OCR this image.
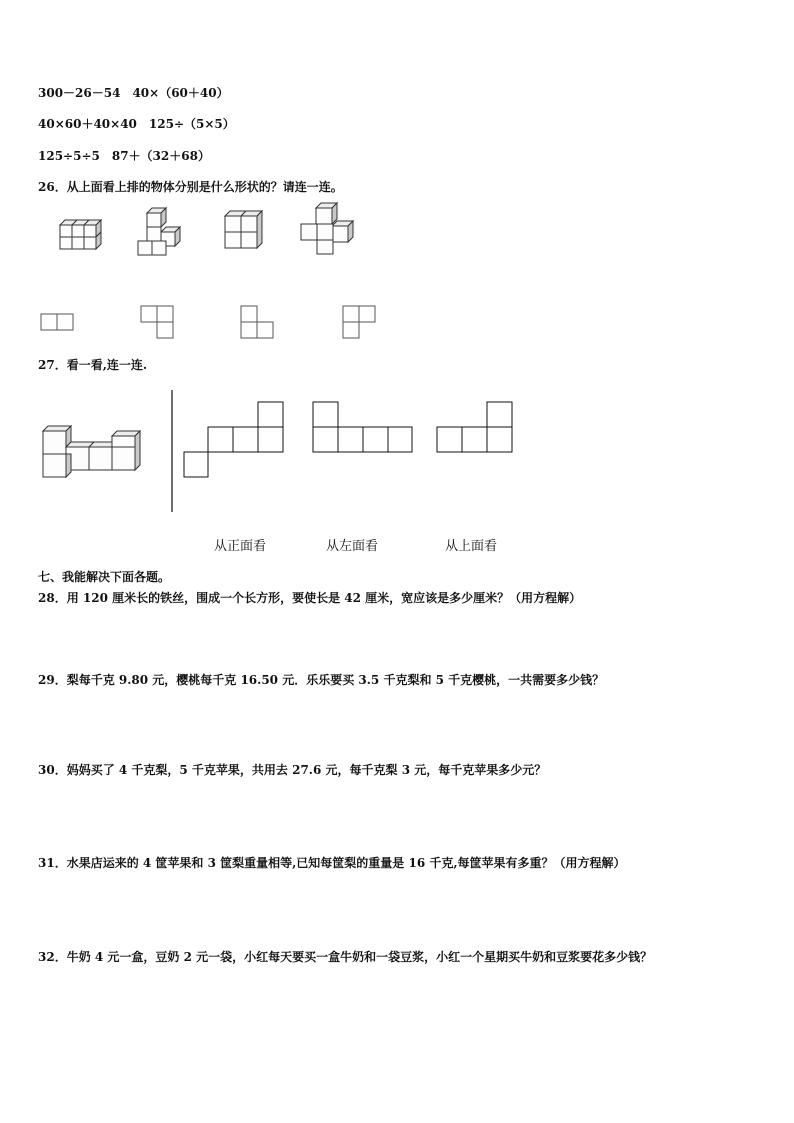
300－26－54　40×（60＋40）
40×60＋40×40　125÷（5×5）
125÷5÷5　87＋（32＋68）
26．从上面看上排的物体分别是什么形状的？请连一连。
27．看一看,连一连.
从正面看	从左面看	从上面看
七、我能解决下面各题。
28．用 120 厘米长的铁丝，围成一个长方形，要使长是 42 厘米，宽应该是多少厘米？（用方程解）
29．梨每千克 9.80 元，樱桃每千克 16.50 元．乐乐要买 3.5 千克梨和 5 千克樱桃，一共需要多少钱？
30．妈妈买了 4 千克梨，5 千克苹果，共用去 27.6 元，每千克梨 3 元，每千克苹果多少元？
31．水果店运来的 4 筐苹果和 3 筐梨重量相等,已知每筐梨的重量是 16 千克,每筐苹果有多重？（用方程解）
32．牛奶 4 元一盒，豆奶 2 元一袋，小红每天要买一盒牛奶和一袋豆浆，小红一个星期买牛奶和豆浆要花多少钱？
